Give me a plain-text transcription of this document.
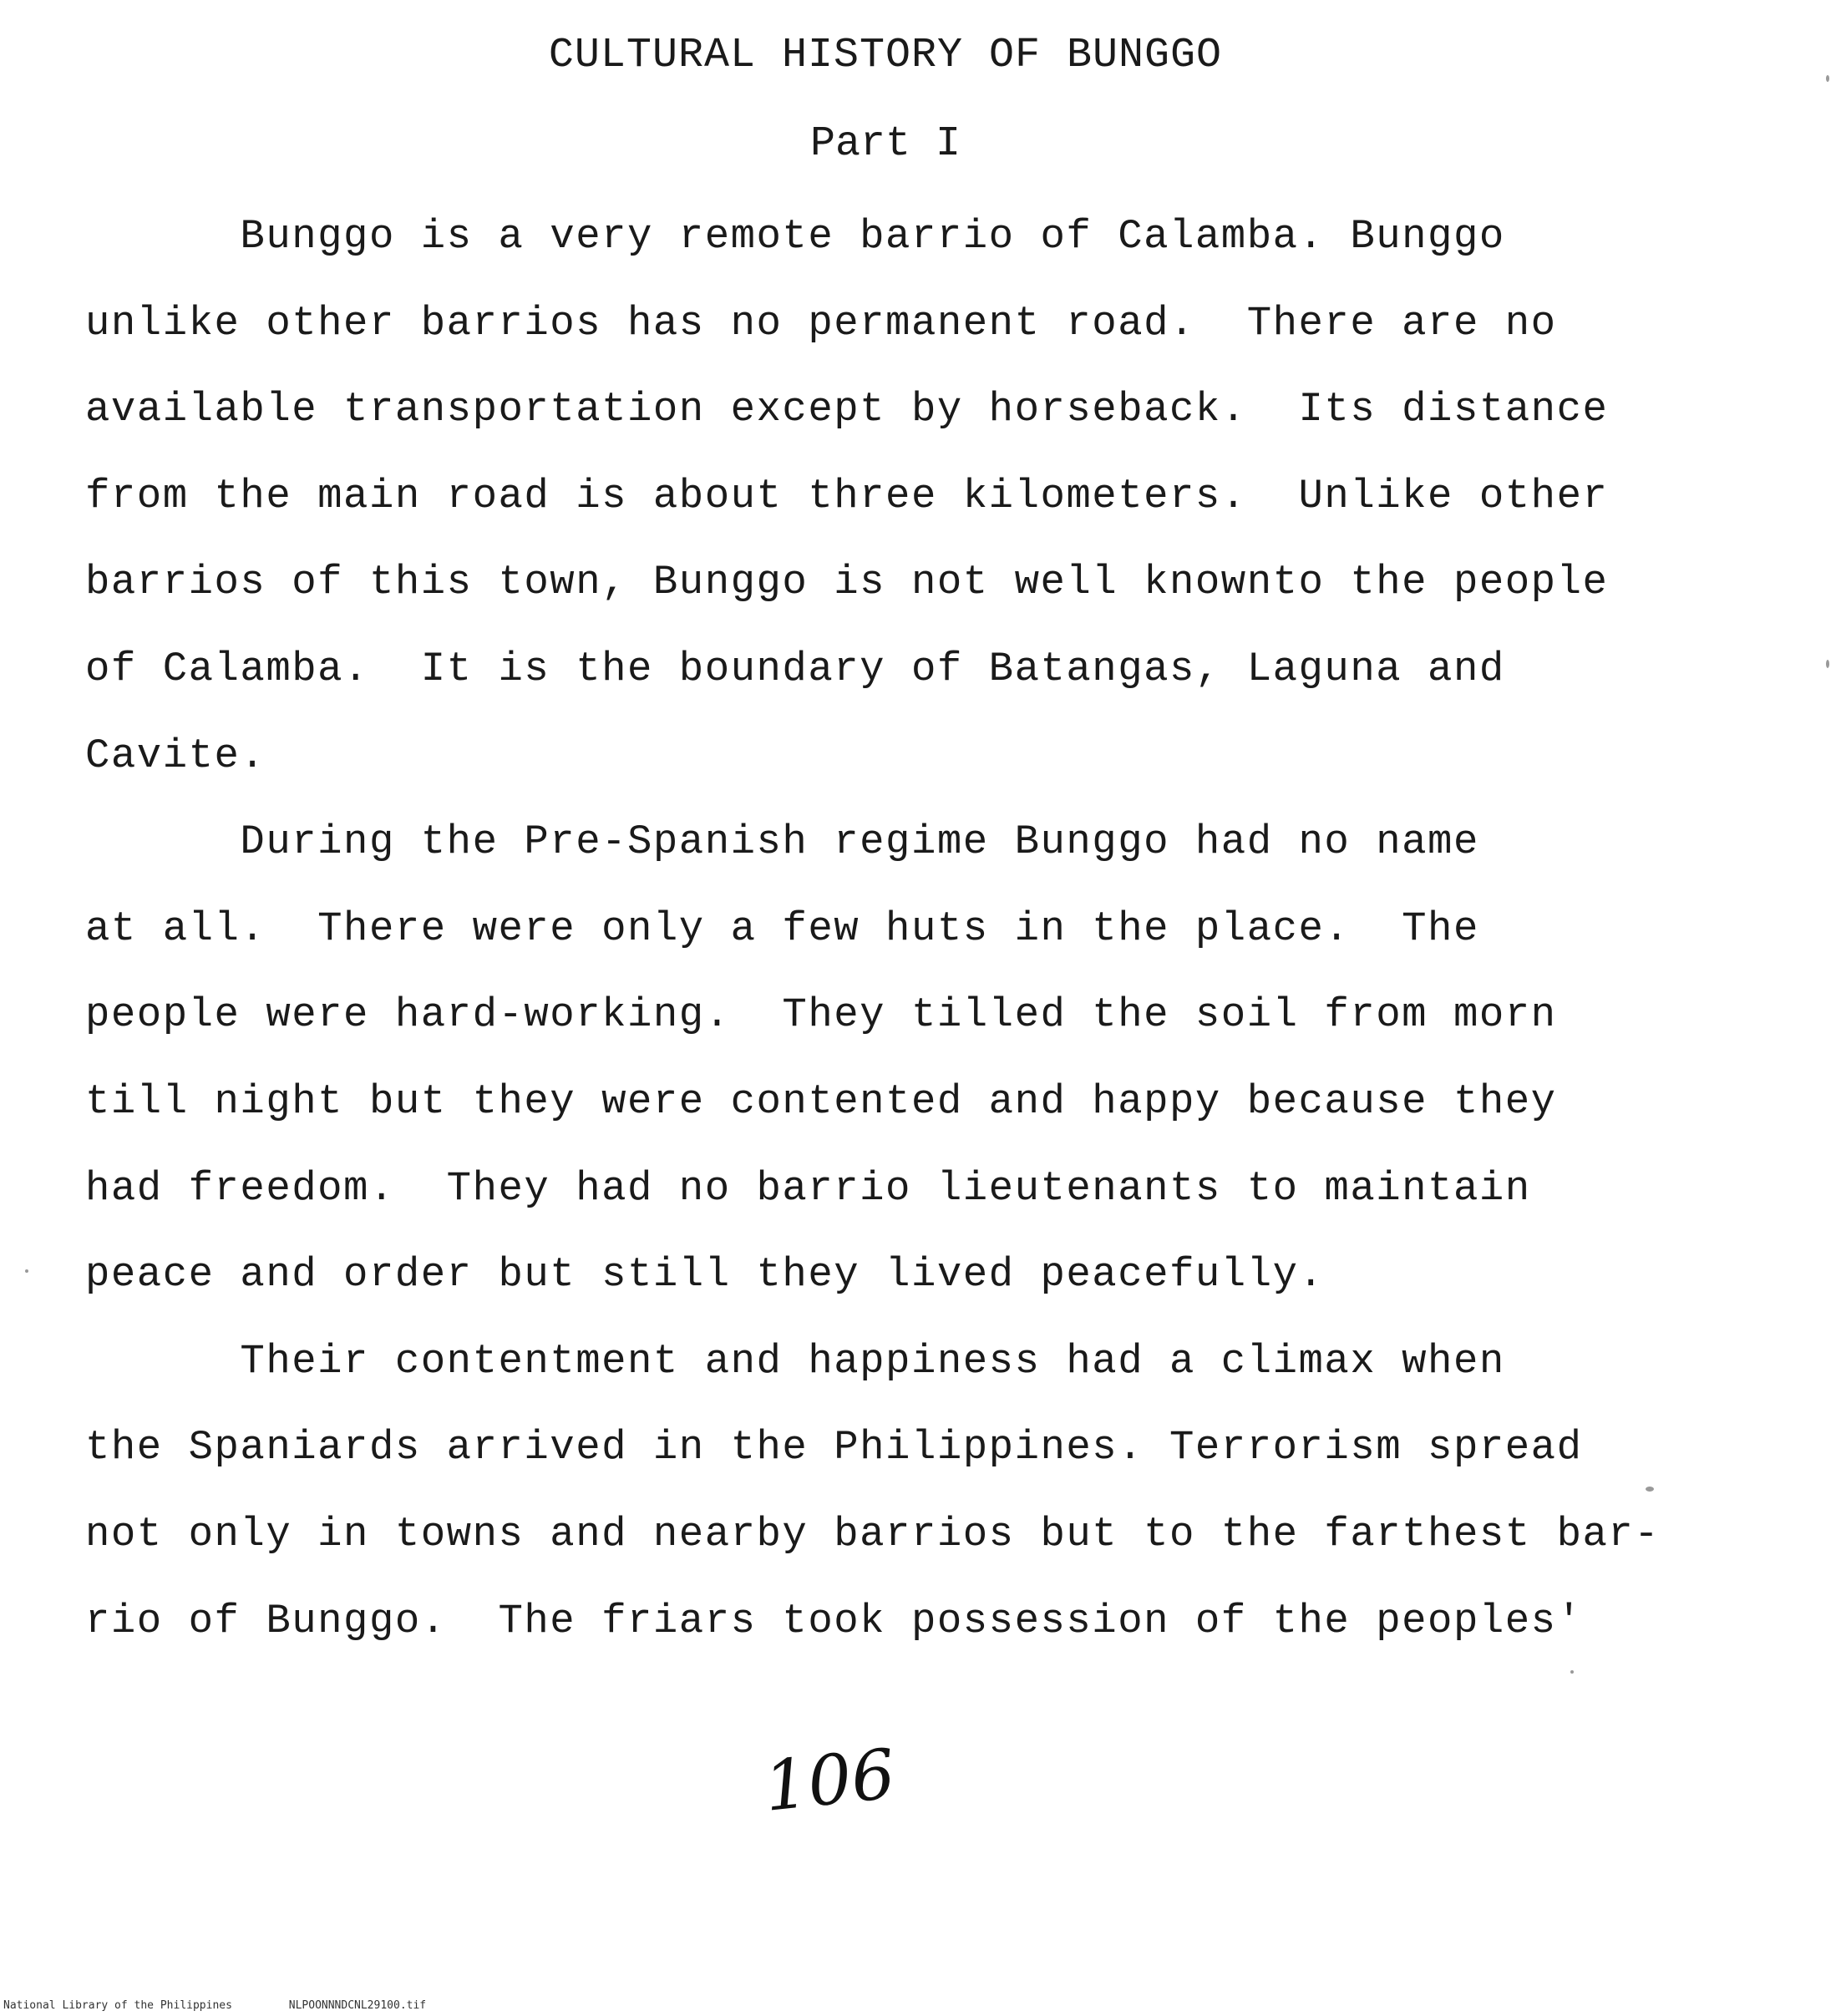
CULTURAL HISTORY OF BUNGGO
Part I
Bunggo is a very remote barrio of Calamba. Bunggo
unlike other barrios has no permanent road.  There are no
available transportation except by horseback.  Its distance
from the main road is about three kilometers.  Unlike other
barrios of this town, Bunggo is not well knownto the people
of Calamba.  It is the boundary of Batangas, Laguna and
Cavite.
During the Pre-Spanish regime Bunggo had no name
at all.  There were only a few huts in the place.  The
people were hard-working.  They tilled the soil from morn
till night but they were contented and happy because they
had freedom.  They had no barrio lieutenants to maintain
peace and order but still they lived peacefully.
Their contentment and happiness had a climax when
the Spaniards arrived in the Philippines. Terrorism spread
not only in towns and nearby barrios but to the farthest bar-
rio of Bunggo.  The friars took possession of the peoples'
106
National Library of the Philippines	NLPOONNNDCNL29100.tif
